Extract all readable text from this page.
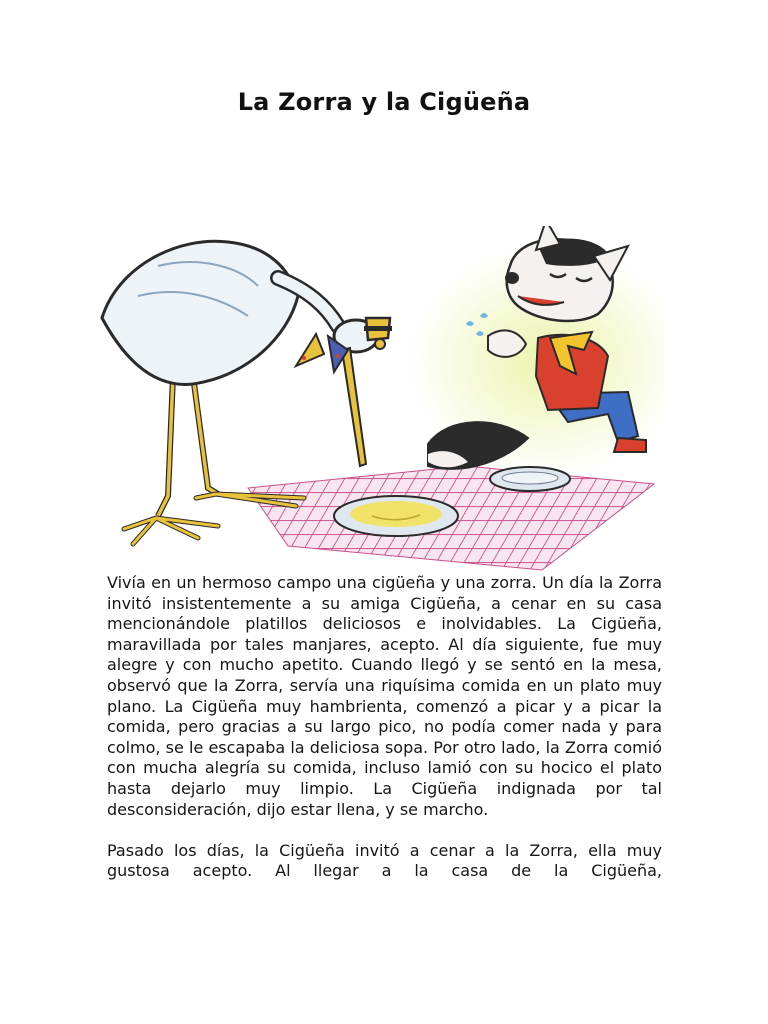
La Zorra y la Cigüeña

Vivía en un hermoso campo una cigüeña y una zorra. Un día la Zorra invitó insistentemente a su amiga Cigüeña, a cenar en su casa mencionándole platillos deliciosos e inolvidables. La Cigüeña, maravillada por tales manjares, acepto. Al día siguiente, fue muy alegre y con mucho apetito. Cuando llegó y se sentó en la mesa, observó que la Zorra, servía una riquísima comida en un plato muy plano. La Cigüeña muy hambrienta, comenzó a picar y a picar la comida, pero gracias a su largo pico, no podía comer nada y para colmo, se le escapaba la deliciosa sopa. Por otro lado, la Zorra comió con mucha alegría su comida, incluso lamió con su hocico el plato hasta dejarlo muy limpio. La Cigüeña indignada por tal desconsideración, dijo estar llena, y se marcho.

Pasado los días, la Cigüeña invitó a cenar a la Zorra, ella muy gustosa acepto. Al llegar a la casa de la Cigüeña,
